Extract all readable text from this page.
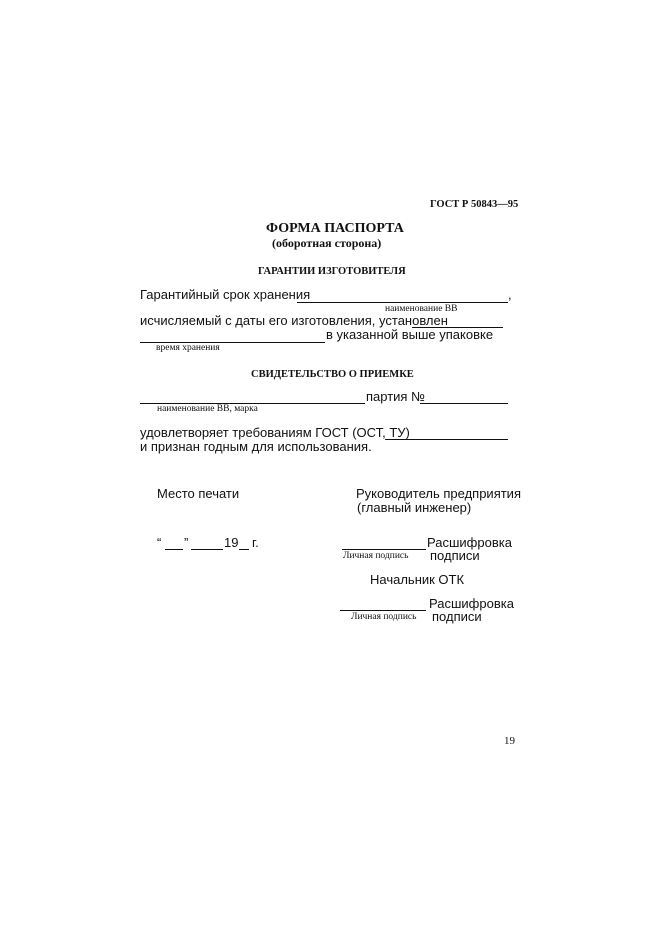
ГОСТ Р 50843—95
ФОРМА ПАСПОРТА
(оборотная сторона)
ГАРАНТИИ ИЗГОТОВИТЕЛЯ
Гарантийный срок хранения	,
наименование ВВ
исчисляемый с даты его изготовления, установлен
в указанной выше упаковке
время хранения
СВИДЕТЕЛЬСТВО О ПРИЕМКЕ
партия №
наименование ВВ, марка
удовлетворяет требованиям ГОСТ (ОСТ, ТУ)
и признан годным для использования.
Место печати	Руководитель предприятия
(главный инженер)
“ ”	19 г.	Расшифровка
Личная подпись подписи
Начальник ОТК
Расшифровка
Личная подпись подписи
19
